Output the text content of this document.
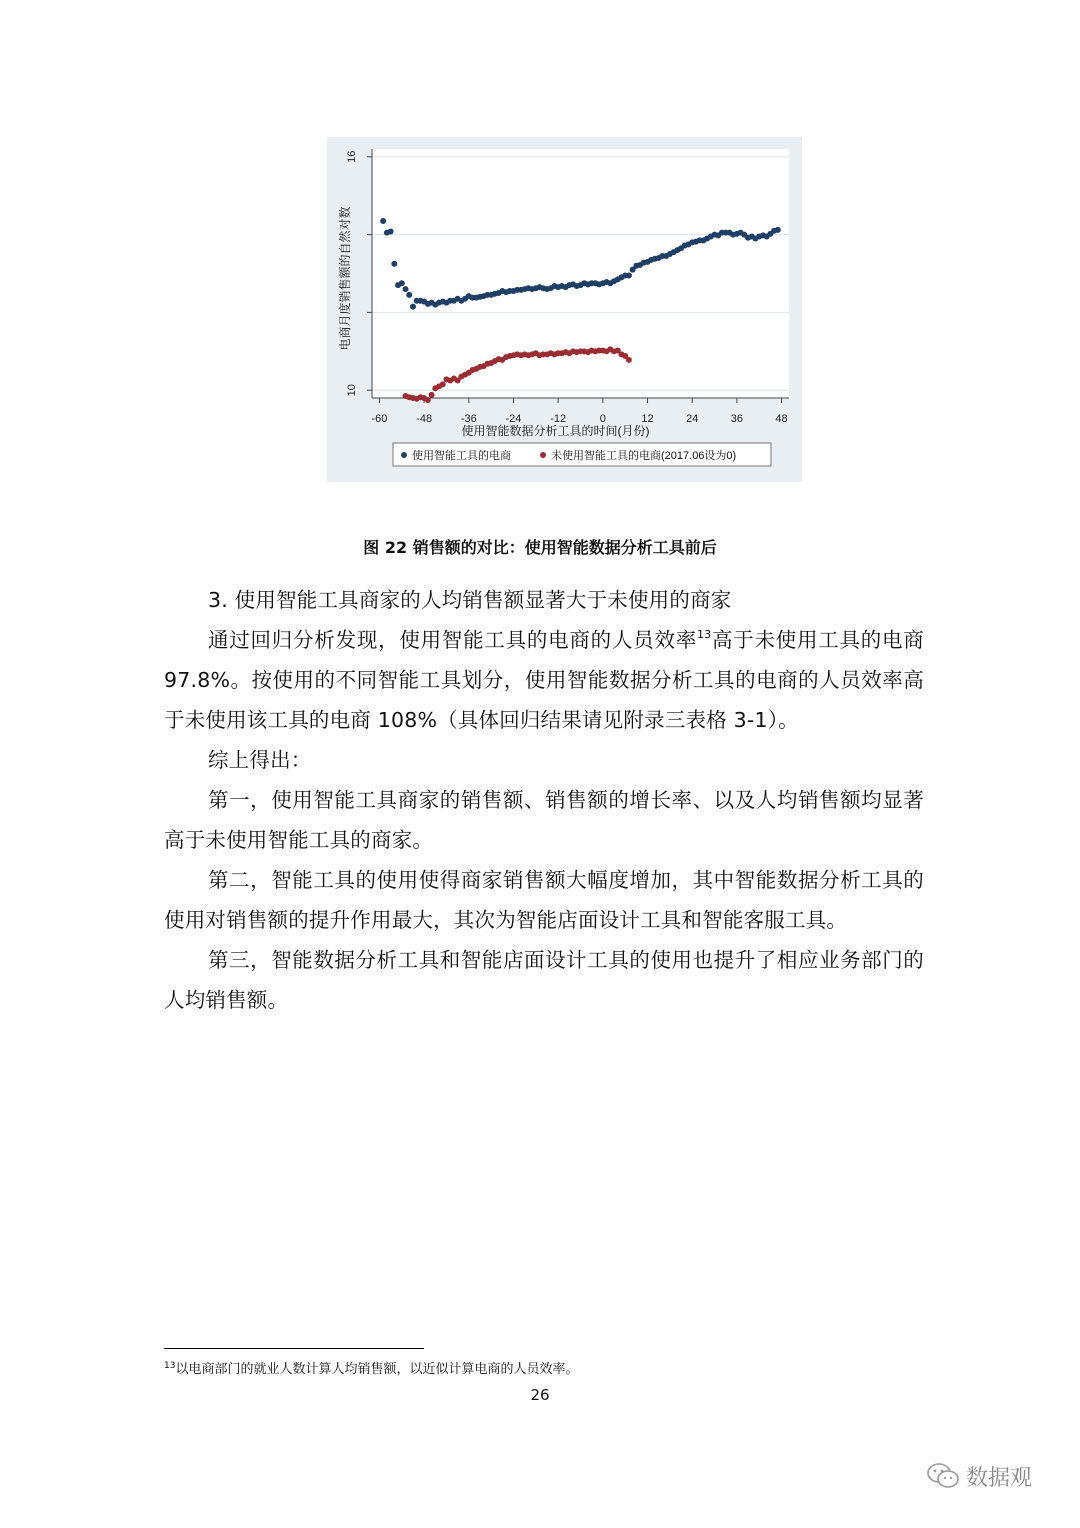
10
16
-60	-48	-36	-24	-12	0	12	24	36	48
使用智能数据分析工具的时间(月份)
电商月度销售额的自然对数
使用智能工具的电商	未使用智能工具的电商(2017.06设为0)
图 22 销售额的对比：使用智能数据分析工具前后

3. 使用智能工具商家的人均销售额显著大于未使用的商家

通过回归分析发现，使用智能工具的电商的人员效率$^{13}$高于未使用工具的电商 97.8%。按使用的不同智能工具划分，使用智能数据分析工具的电商的人员效率高于未使用该工具的电商 108%（具体回归结果请见附录三表格 3-1）。

综上得出：

第一，使用智能工具商家的销售额、销售额的增长率、以及人均销售额均显著高于未使用智能工具的商家。

第二，智能工具的使用使得商家销售额大幅度增加，其中智能数据分析工具的使用对销售额的提升作用最大，其次为智能店面设计工具和智能客服工具。

第三，智能数据分析工具和智能店面设计工具的使用也提升了相应业务部门的人均销售额。

$^{13}$以电商部门的就业人数计算人均销售额，以近似计算电商的人员效率。
26
数据观
